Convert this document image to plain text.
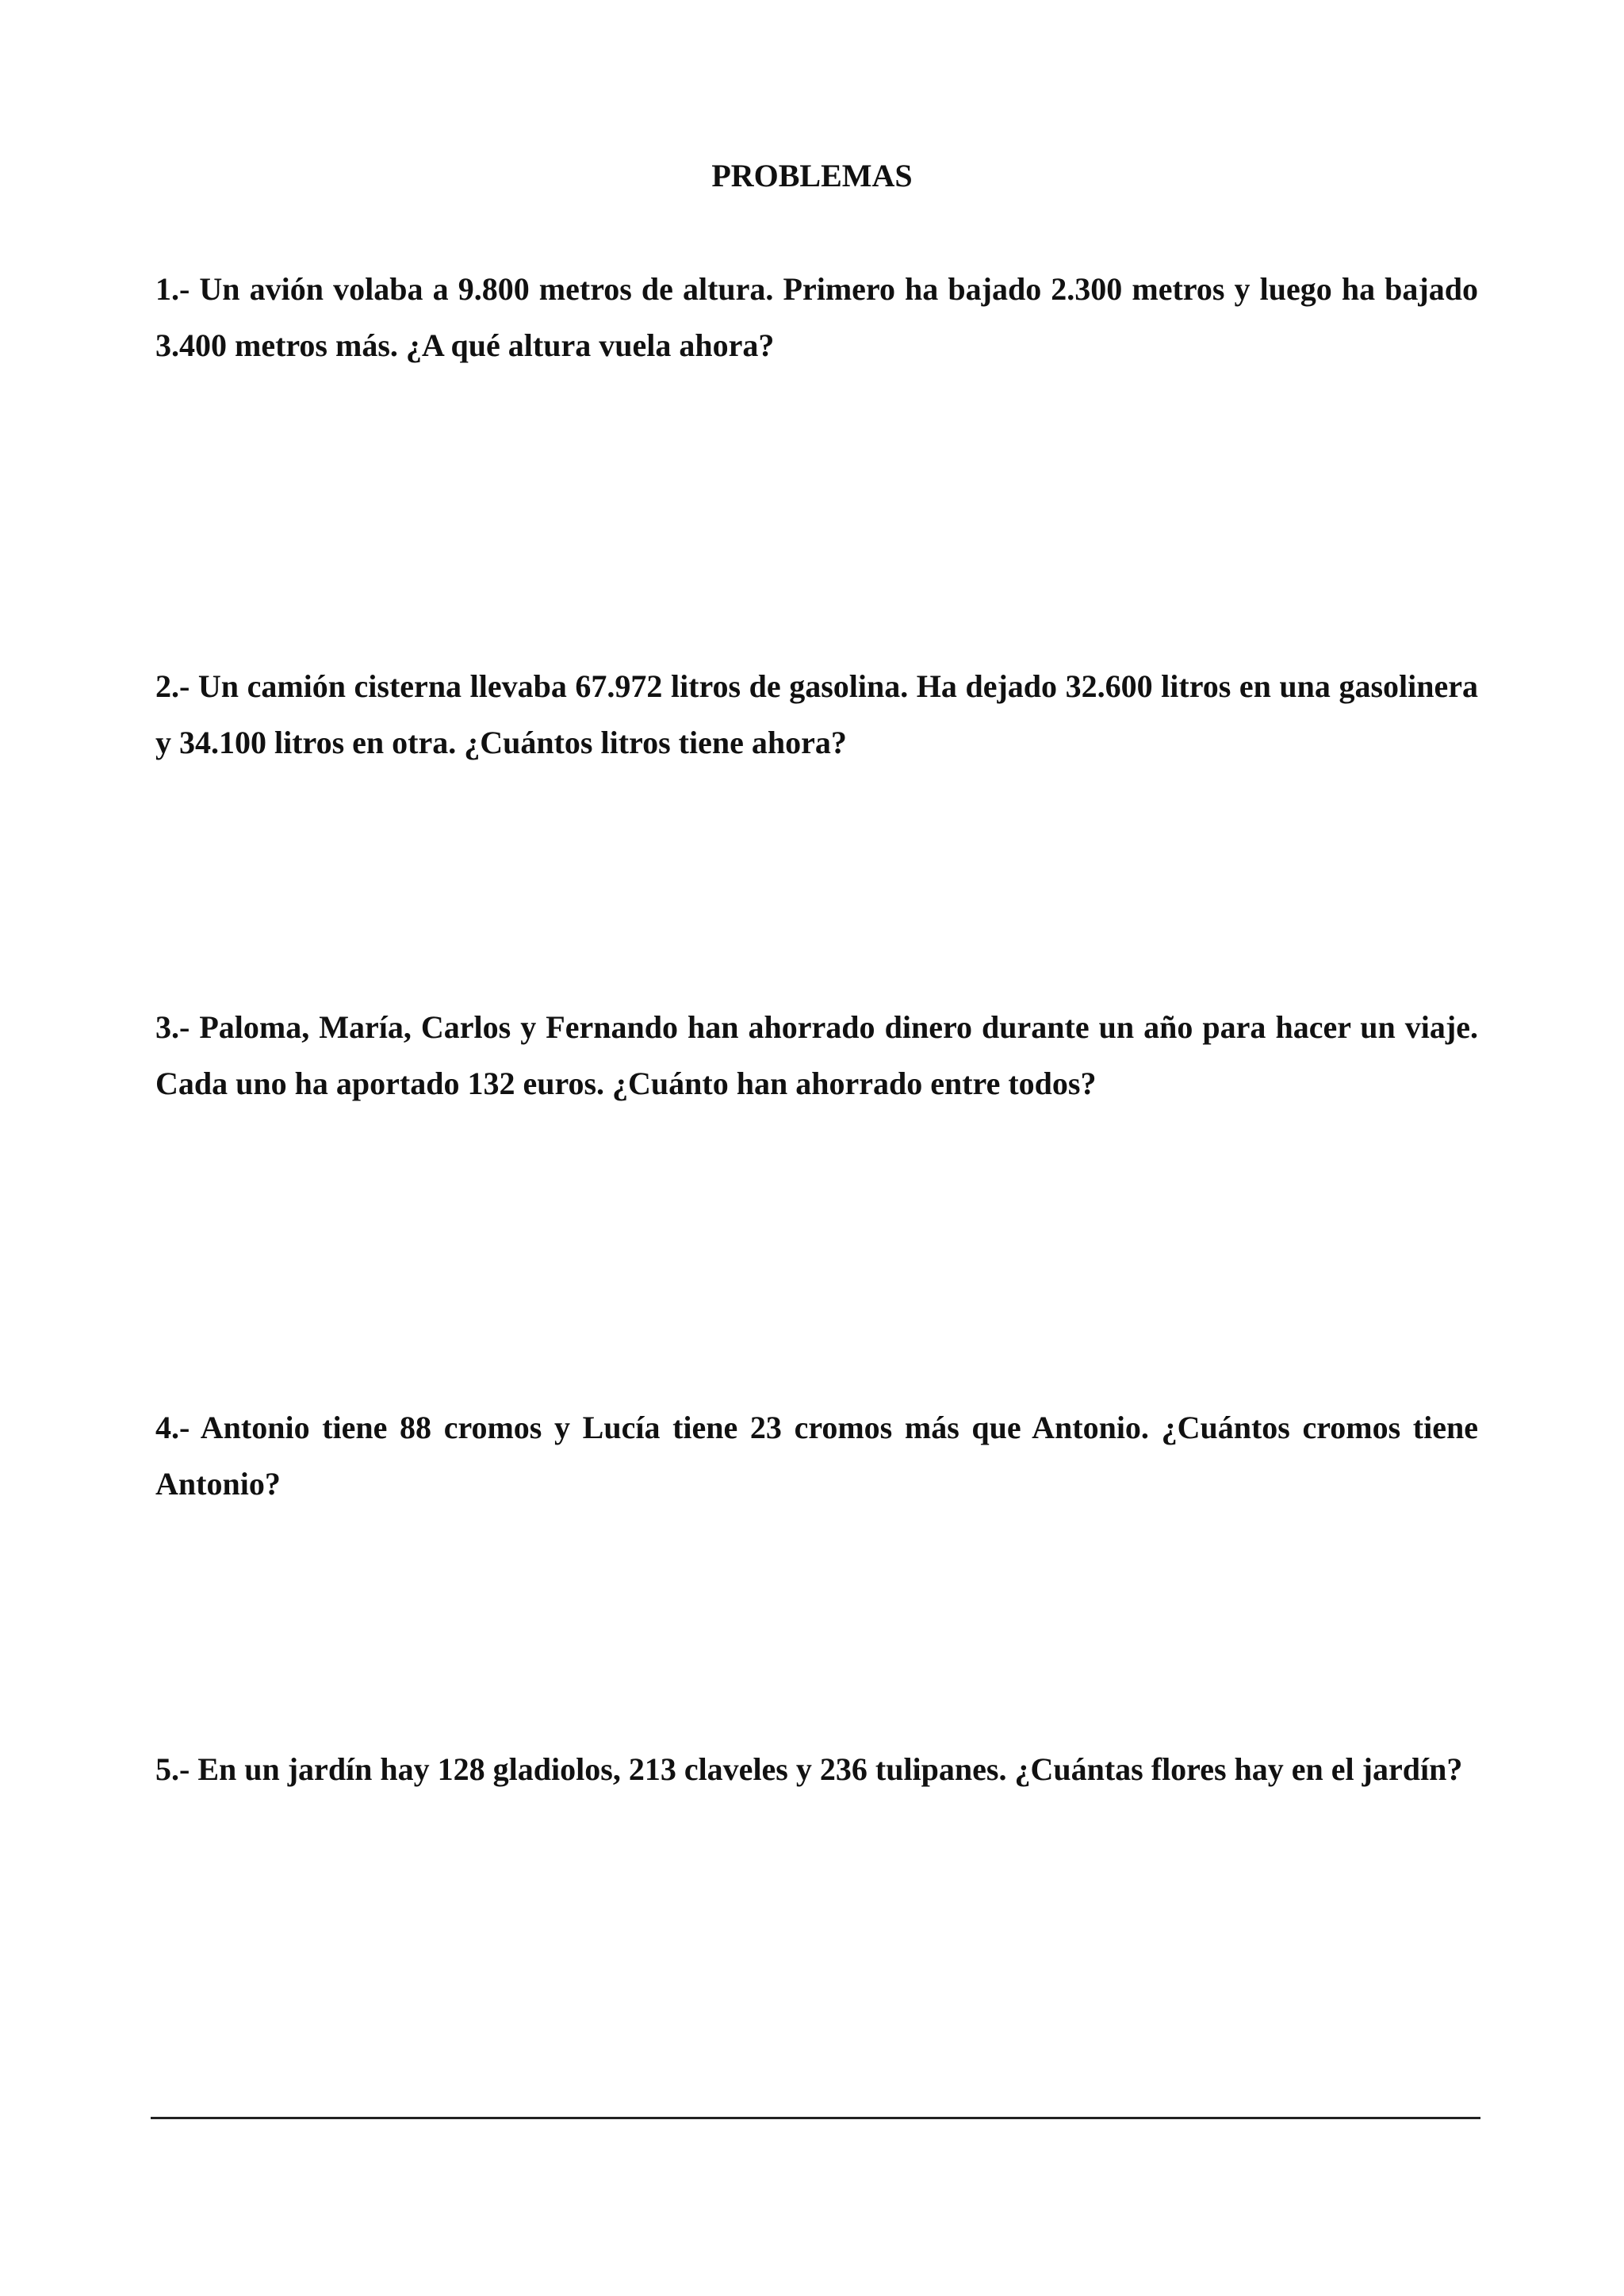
PROBLEMAS

1.- Un avión volaba a 9.800 metros de altura. Primero ha bajado 2.300 metros y luego ha bajado 3.400 metros más. ¿A qué altura vuela ahora?

2.- Un camión cisterna llevaba 67.972 litros de gasolina. Ha dejado 32.600 litros en una gasolinera y 34.100 litros en otra. ¿Cuántos litros tiene ahora?

3.- Paloma, María, Carlos y Fernando han ahorrado dinero durante un año para hacer un viaje. Cada uno ha aportado 132 euros. ¿Cuánto han ahorrado entre todos?

4.- Antonio tiene 88 cromos y Lucía tiene 23 cromos más que Antonio. ¿Cuántos cromos tiene Antonio?

5.- En un jardín hay 128 gladiolos, 213 claveles y 236 tulipanes. ¿Cuántas flores hay en el jardín?
